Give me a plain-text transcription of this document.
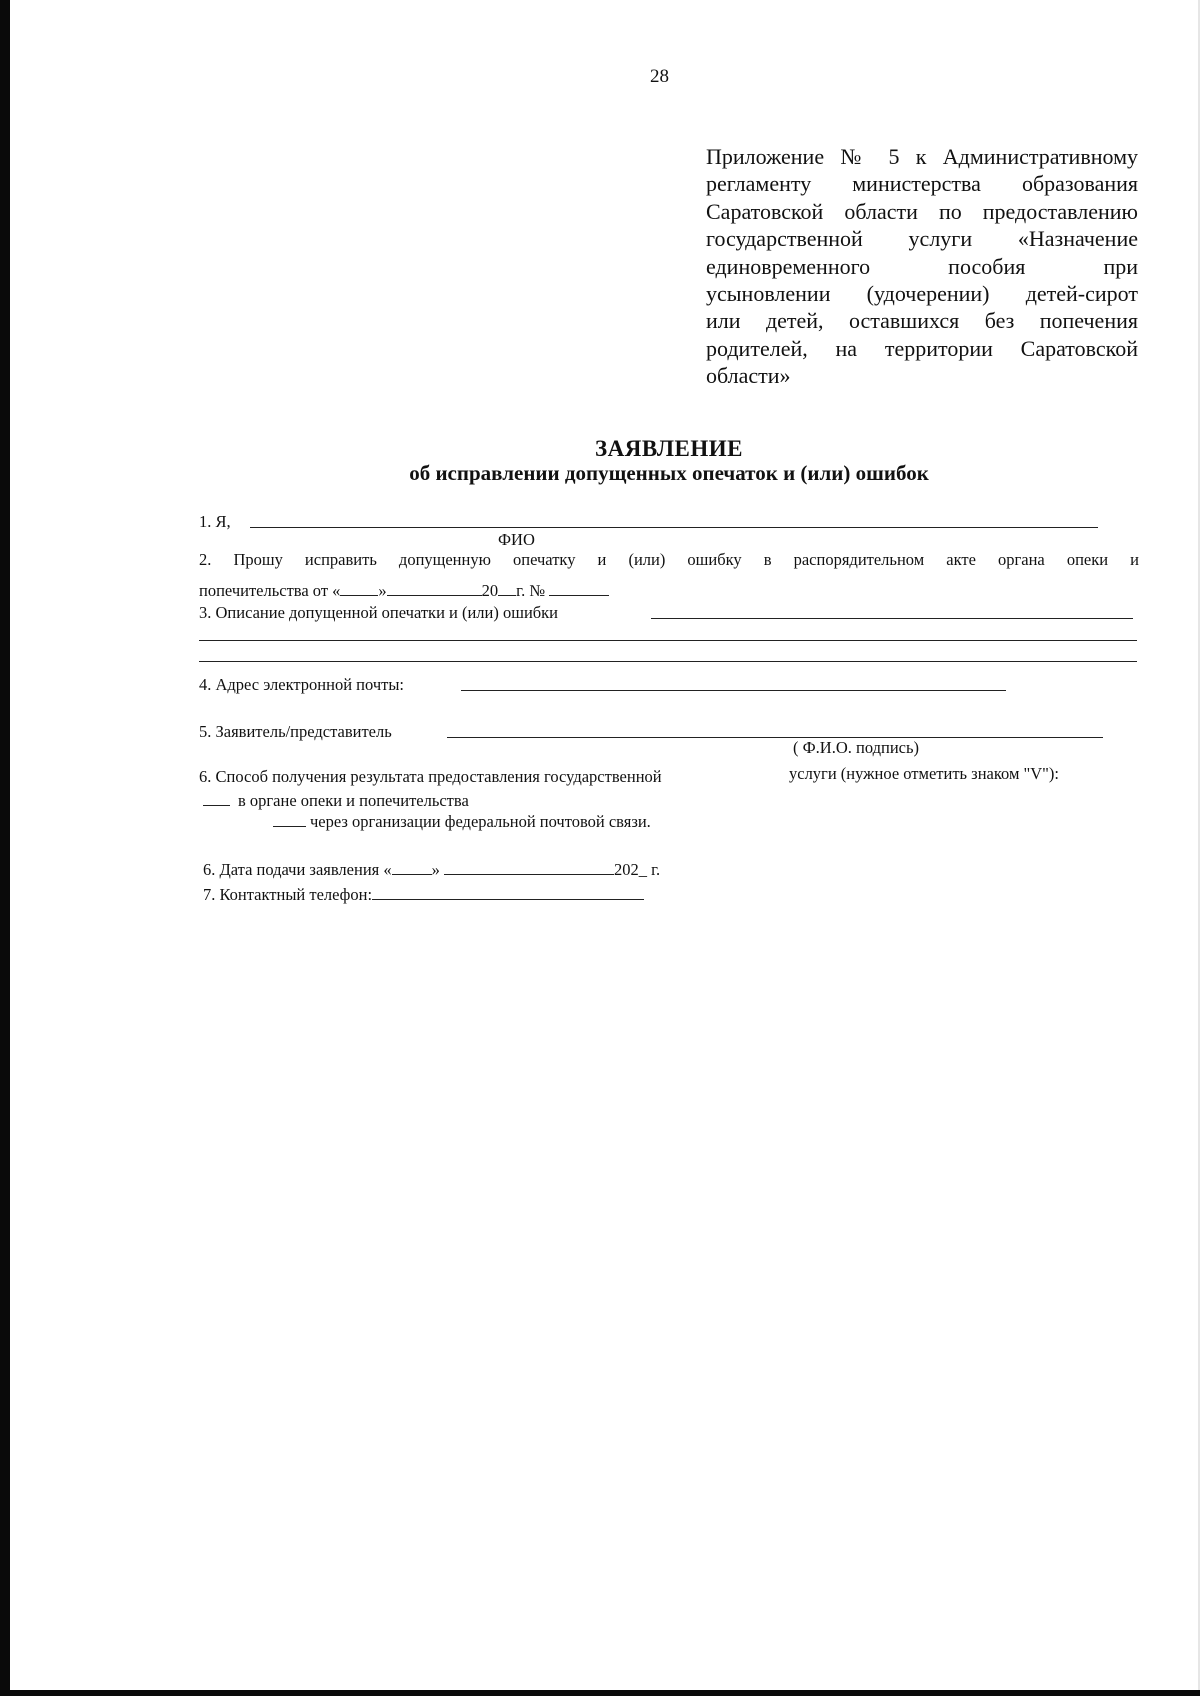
28
Приложение № 5 к Административному
регламенту министерства образования
Саратовской области по предоставлению
государственной услуги «Назначение
единовременного пособия при
усыновлении (удочерении) детей-сирот
или детей, оставшихся без попечения
родителей, на территории Саратовской
области»
ЗАЯВЛЕНИЕ
об исправлении допущенных опечаток и (или) ошибок
1. Я,
ФИО
2. Прошу исправить допущенную опечатку и (или) ошибку в распорядительном акте органа опеки и
попечительства от « »	20 г. №
3. Описание допущенной опечатки и (или) ошибки
4. Адрес электронной почты:
5. Заявитель/представитель
( Ф.И.О. подпись)
6. Способ получения результата предоставления государственной	услуги (нужное отметить знаком "V"):
в органе опеки и попечительства
через организации федеральной почтовой связи.
6. Дата подачи заявления « »	202_ г.
7. Контактный телефон:
